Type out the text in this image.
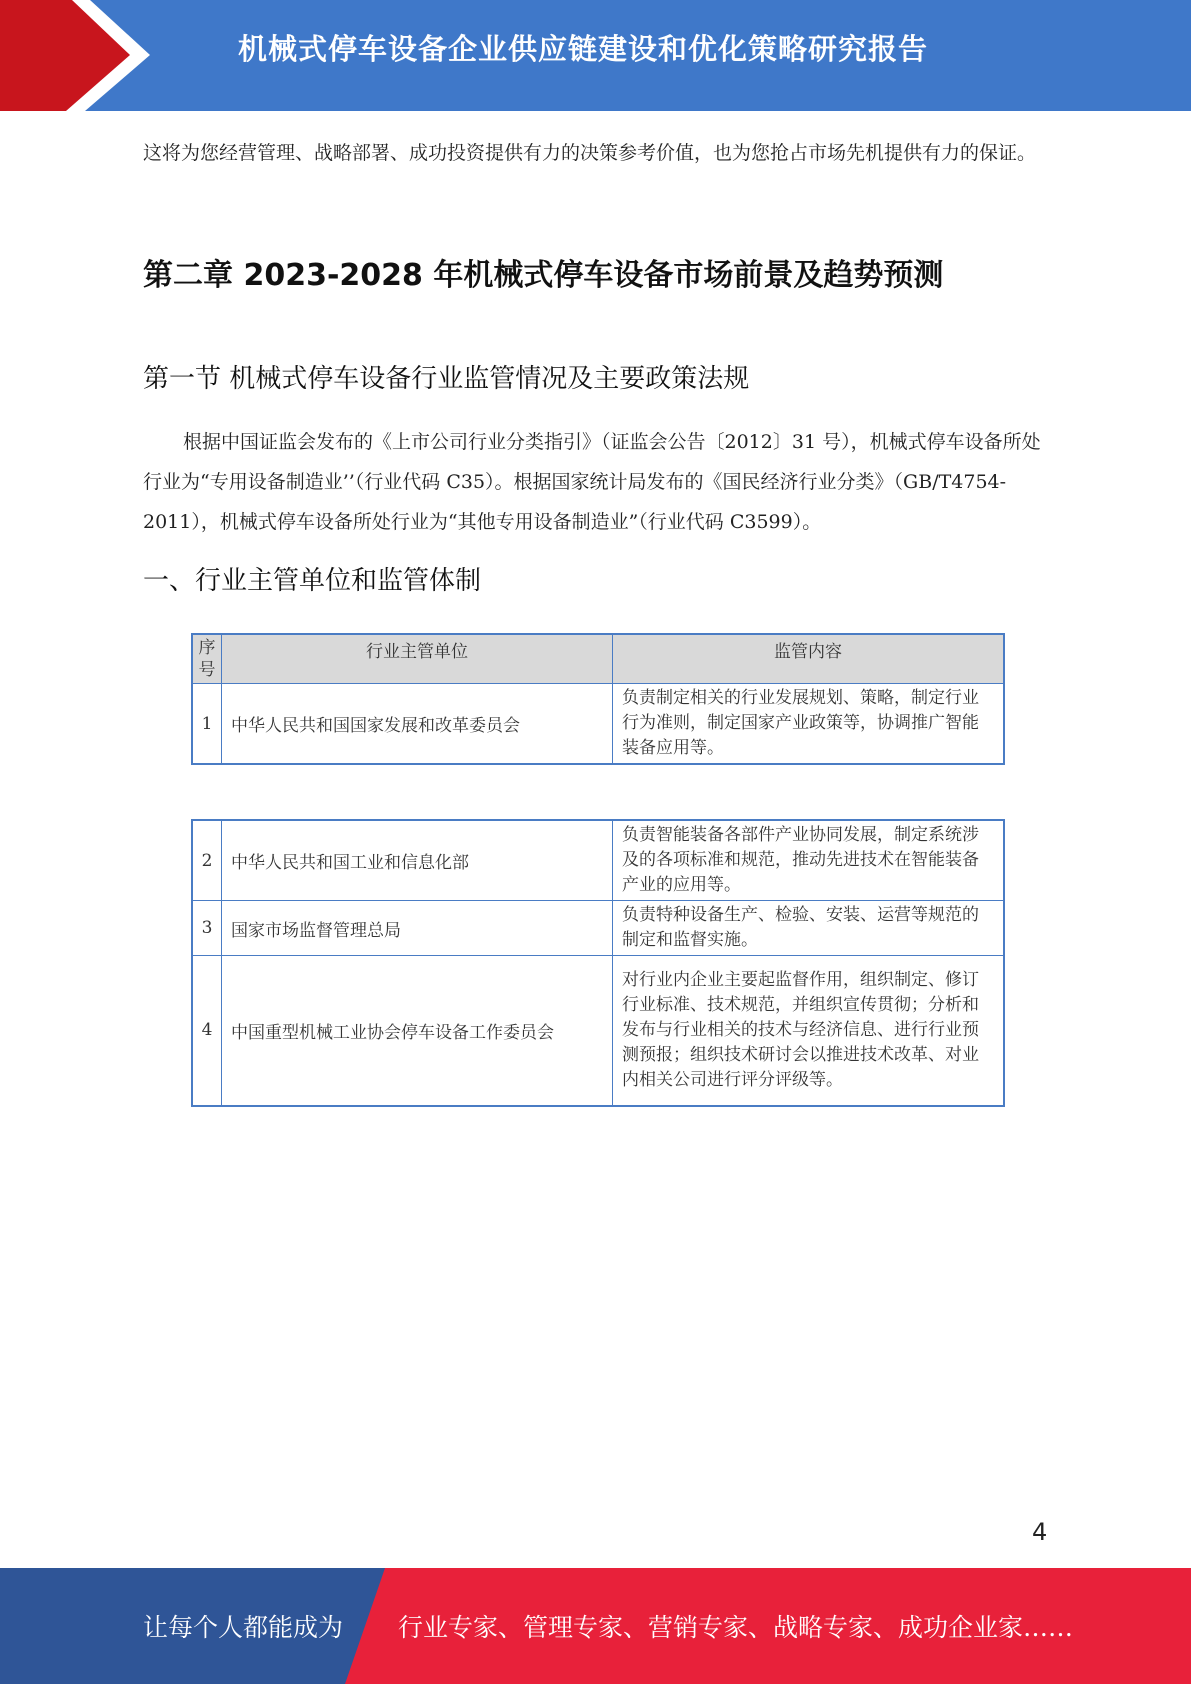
机械式停车设备企业供应链建设和优化策略研究报告

这将为您经营管理、战略部署、成功投资提供有力的决策参考价值，也为您抢占市场先机提供有力的保证。

第二章 2023-2028 年机械式停车设备市场前景及趋势预测
第一节 机械式停车设备行业监管情况及主要政策法规

根据中国证监会发布的《上市公司行业分类指引》（证监会公告〔2012〕31 号），机械式停车设备所处行业为“专用设备制造业’’（行业代码 C35）。根据国家统计局发布的《国民经济行业分类》（GB/T4754-2011），机械式停车设备所处行业为“其他专用设备制造业”（行业代码 C3599）。

一、行业主管单位和监管体制
序号	行业主管单位	监管内容
1	中华人民共和国国家发展和改革委员会	负责制定相关的行业发展规划、策略，制定行业行为准则，制定国家产业政策等，协调推广智能装备应用等。
2	中华人民共和国工业和信息化部	负责智能装备各部件产业协同发展，制定系统涉及的各项标准和规范，推动先进技术在智能装备产业的应用等。
3	国家市场监督管理总局	负责特种设备生产、检验、安装、运营等规范的制定和监督实施。
4	中国重型机械工业协会停车设备工作委员会	对行业内企业主要起监督作用，组织制定、修订行业标准、技术规范，并组织宣传贯彻；分析和发布与行业相关的技术与经济信息、进行行业预测预报；组织技术研讨会以推进技术改革、对业内相关公司进行评分评级等。
4
让每个人都能成为 行业专家、管理专家、营销专家、战略专家、成功企业家……
